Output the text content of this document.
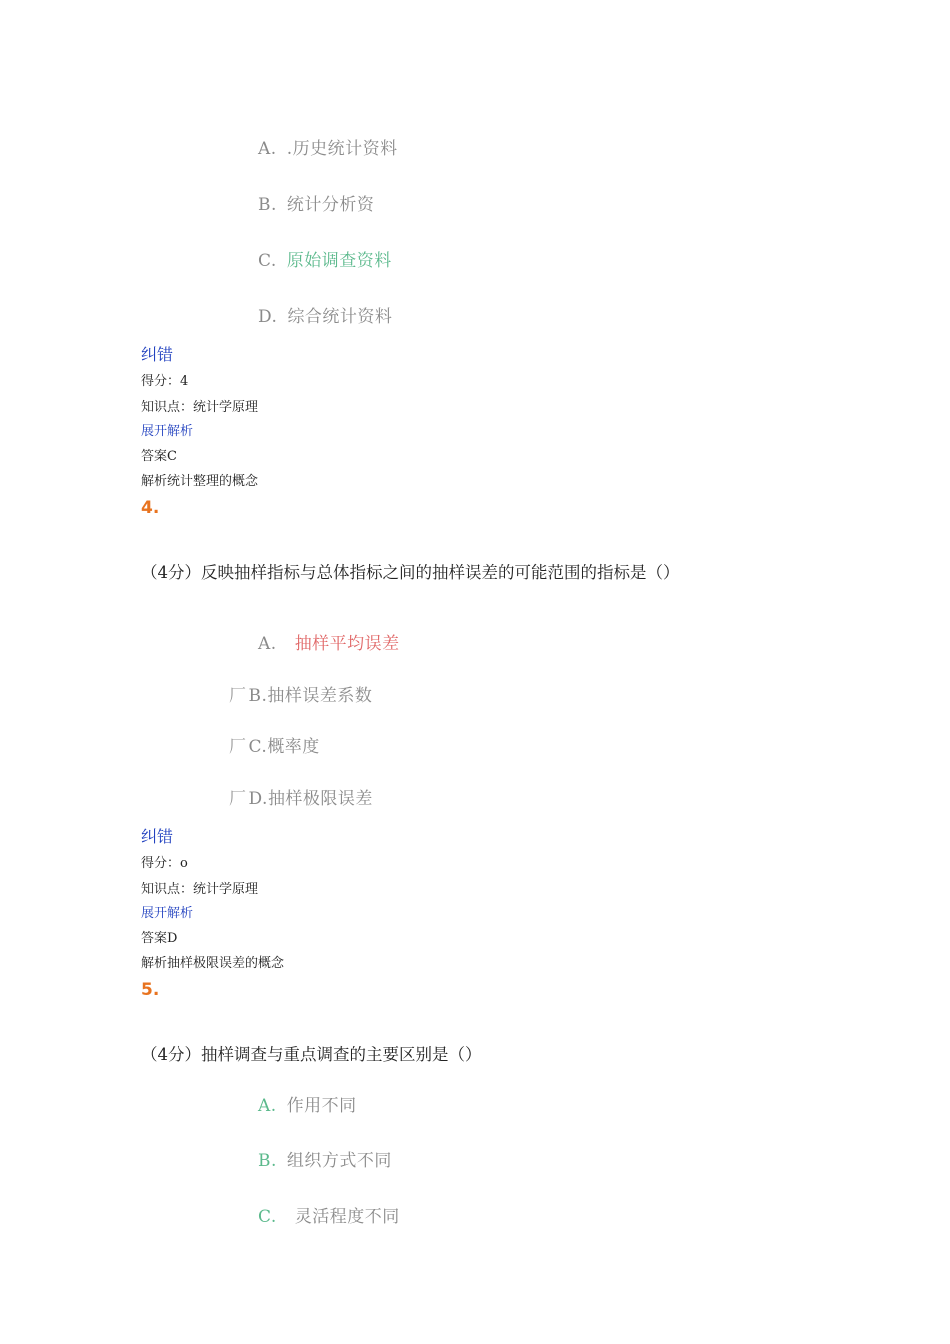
A. .历史统计资料
B. 统计分析资
C. 原始调查资料
D. 综合统计资料
纠错
得分：4
知识点：统计学原理
展开解析
答案C
解析统计整理的概念
4.
（4分）反映抽样指标与总体指标之间的抽样误差的可能范围的指标是（）
A. 抽样平均误差
厂 B.抽样误差系数
厂 C.概率度
厂 D.抽样极限误差
纠错
得分：o
知识点：统计学原理
展开解析
答案D
解析抽样极限误差的概念
5.
（4分）抽样调查与重点调查的主要区别是（）
A. 作用不同
B. 组织方式不同
C. 灵活程度不同
